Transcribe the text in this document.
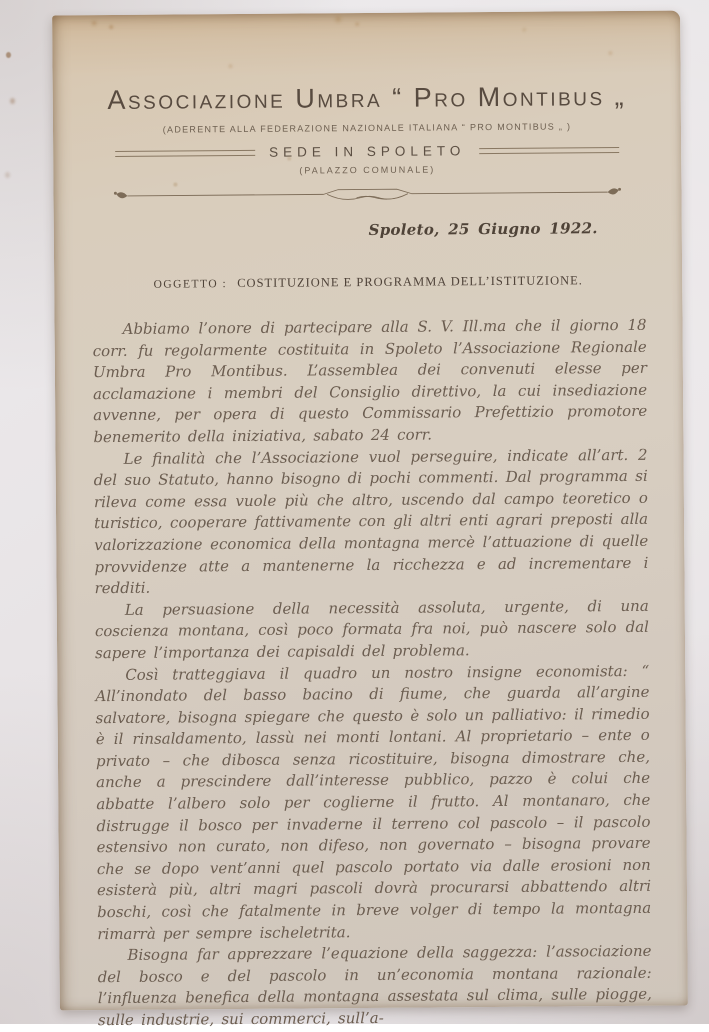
Associazione Umbra “ Pro Montibus „
(ADERENTE ALLA FEDERAZIONE NAZIONALE ITALIANA “ PRO MONTIBUS „ )
SEDE IN SPOLETO
(PALAZZO COMUNALE)
Spoleto, 25 Giugno 1922.
OGGETTO : COSTITUZIONE E PROGRAMMA DELL’ISTITUZIONE.

Abbiamo l’onore di partecipare alla S. V. Ill.ma che il giorno 18 corr. fu regolarmente costituita in Spoleto l’Associazione Regionale Umbra Pro Montibus. L’assemblea dei convenuti elesse per acclamazione i membri del Consiglio direttivo, la cui insediazione avvenne, per opera di questo Commissario Prefettizio promotore benemerito della iniziativa, sabato 24 corr.

Le finalità che l’Associazione vuol perseguire, indicate all’art. 2 del suo Statuto, hanno bisogno di pochi commenti. Dal programma si rileva come essa vuole più che altro, uscendo dal campo teoretico o turistico, cooperare fattivamente con gli altri enti agrari preposti alla valorizzazione economica della montagna mercè l’attuazione di quelle provvidenze atte a mantenerne la ricchezza e ad incrementare i redditi.

La persuasione della necessità assoluta, urgente, di una coscienza montana, così poco formata fra noi, può nascere solo dal sapere l’importanza dei capisaldi del problema.

Così tratteggiava il quadro un nostro insigne economista: “ All’inondato del basso bacino di fiume, che guarda all’argine salvatore, bisogna spiegare che questo è solo un palliativo: il rimedio è il rinsaldamento, lassù nei monti lontani. Al proprietario – ente o privato – che dibosca senza ricostituire, bisogna dimostrare che, anche a prescindere dall’interesse pubblico, pazzo è colui che abbatte l’albero solo per coglierne il frutto. Al montanaro, che distrugge il bosco per invaderne il terreno col pascolo – il pascolo estensivo non curato, non difeso, non governato – bisogna provare che se dopo vent’anni quel pascolo portato via dalle erosioni non esisterà più, altri magri pascoli dovrà procurarsi abbattendo altri boschi, così che fatalmente in breve volger di tempo la montagna rimarrà per sempre ischeletrita.

Bisogna far apprezzare l’equazione della saggezza: l’associazione del bosco e del pascolo in un’economia montana razionale: l’influenza benefica della montagna assestata sul clima, sulle piogge, sulle industrie, sui commerci, sull’a-
